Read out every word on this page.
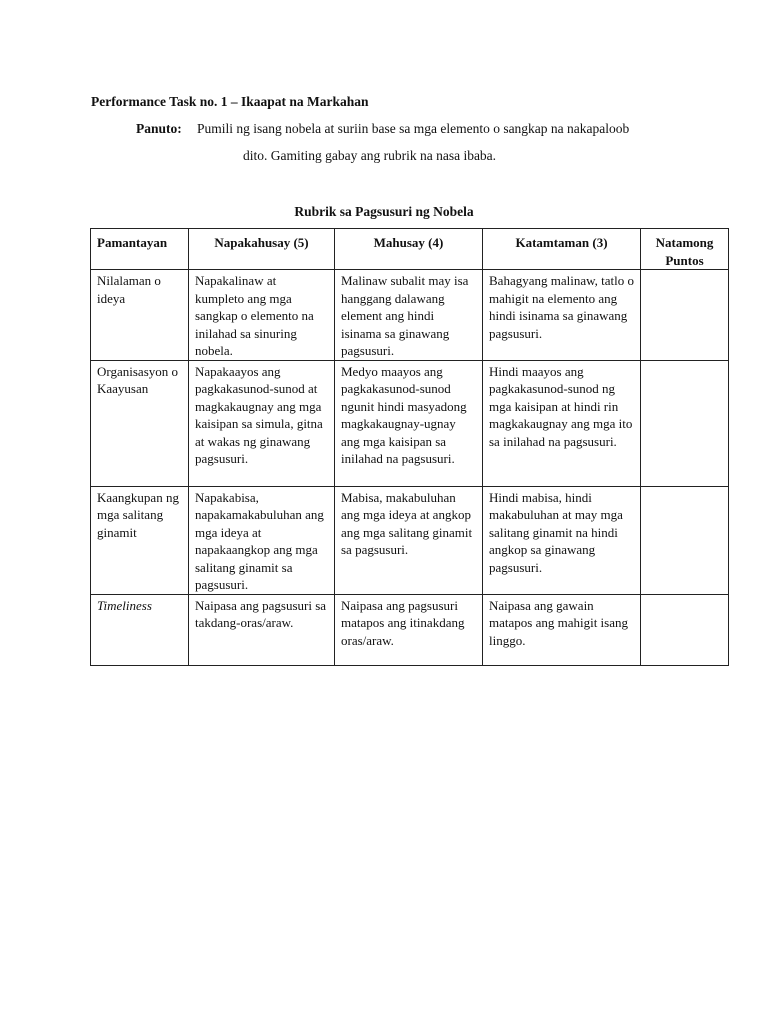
Performance Task no. 1 – Ikaapat na Markahan
Panuto: Pumili ng isang nobela at suriin base sa mga elemento o sangkap na nakapaloob
dito. Gamiting gabay ang rubrik na nasa ibaba.
Rubrik sa Pagsusuri ng Nobela
Pamantayan	Napakahusay (5)	Mahusay (4)	Katamtaman (3)	Natamong Puntos
Nilalaman o ideya	Napakalinaw at kumpleto ang mga sangkap o elemento na inilahad sa sinuring nobela.	Malinaw subalit may isa hanggang dalawang element ang hindi isinama sa ginawang pagsusuri.	Bahagyang malinaw, tatlo o mahigit na elemento ang hindi isinama sa ginawang pagsusuri.	
Organisasyon o Kaayusan	Napakaayos ang pagkakasunod-sunod at magkakaugnay ang mga kaisipan sa simula, gitna at wakas ng ginawang pagsusuri.	Medyo maayos ang pagkakasunod-sunod ngunit hindi masyadong magkakaugnay-ugnay ang mga kaisipan sa inilahad na pagsusuri.	Hindi maayos ang pagkakasunod-sunod ng mga kaisipan at hindi rin magkakaugnay ang mga ito sa inilahad na pagsusuri.	
Kaangkupan ng mga salitang ginamit	Napakabisa, napakamakabuluhan ang mga ideya at napakaangkop ang mga salitang ginamit sa pagsusuri.	Mabisa, makabuluhan ang mga ideya at angkop ang mga salitang ginamit sa pagsusuri.	Hindi mabisa, hindi makabuluhan at may mga salitang ginamit na hindi angkop sa ginawang pagsusuri.	
Timeliness	Naipasa ang pagsusuri sa takdang-oras/araw.	Naipasa ang pagsusuri matapos ang itinakdang oras/araw.	Naipasa ang gawain matapos ang mahigit isang linggo.	
